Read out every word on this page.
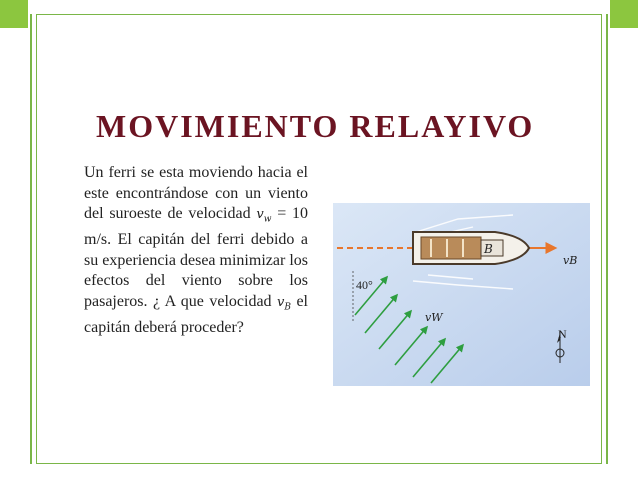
MOVIMIENTO RELAYIVO

Un ferri se esta moviendo hacia el este encontrándose con un viento del suroeste de velocidad $v_w = 10$ m/s. El capitán del ferri debido a su experiencia desea minimizar los efectos del viento sobre los pasajeros. ¿ A que velocidad $v_B$ el capitán deberá proceder?

B
40°
vB
vW
N
